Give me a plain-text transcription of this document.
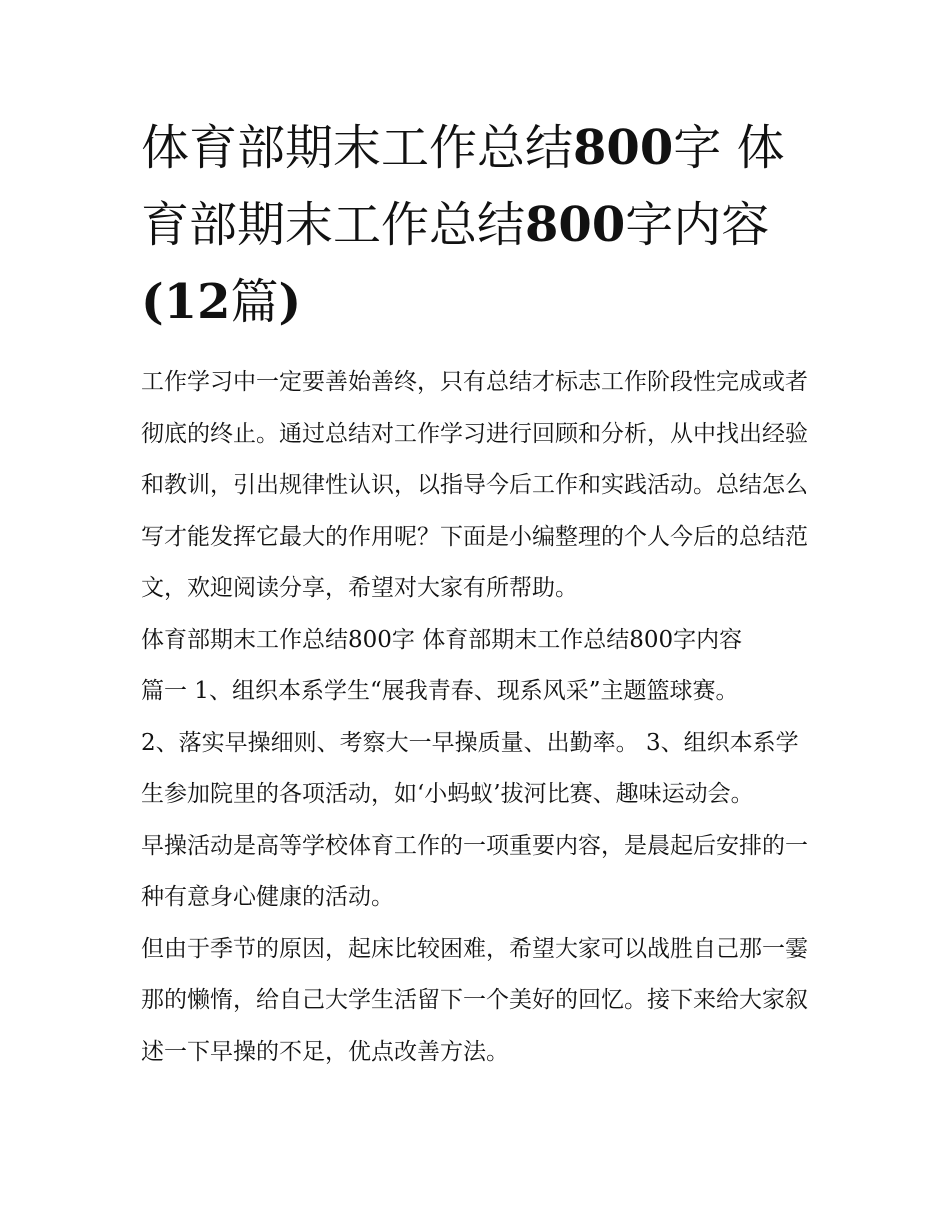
体育部期末工作总结800字 体
育部期末工作总结800字内容
(12篇)

工作学习中一定要善始善终，只有总结才标志工作阶段性完成或者彻底的终止。通过总结对工作学习进行回顾和分析，从中找出经验和教训，引出规律性认识，以指导今后工作和实践活动。总结怎么写才能发挥它最大的作用呢？下面是小编整理的个人今后的总结范文，欢迎阅读分享，希望对大家有所帮助。

体育部期末工作总结800字 体育部期末工作总结800字内容

篇一 1、组织本系学生“展我青春、现系风采”主题篮球赛。

2、落实早操细则、考察大一早操质量、出勤率。 3、组织本系学生参加院里的各项活动，如‘小蚂蚁’拔河比赛、趣味运动会。

早操活动是高等学校体育工作的一项重要内容，是晨起后安排的一种有意身心健康的活动。

但由于季节的原因，起床比较困难，希望大家可以战胜自己那一霎那的懒惰，给自己大学生活留下一个美好的回忆。接下来给大家叙述一下早操的不足，优点改善方法。
